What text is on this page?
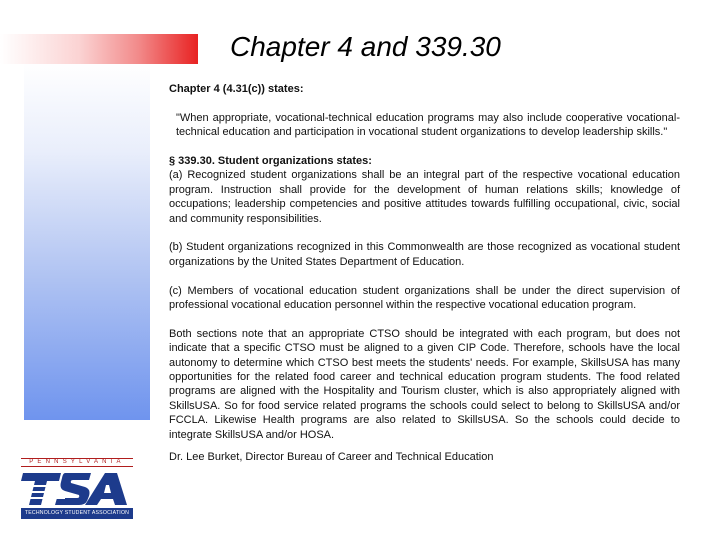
Chapter 4 and 339.30

Chapter 4 (4.31(c)) states:

"When appropriate, vocational-technical education programs may also include cooperative vocational-technical education and participation in vocational student organizations to develop leadership skills."

§ 339.30. Student organizations states:

(a) Recognized student organizations shall be an integral part of the respective vocational education program. Instruction shall provide for the development of human relations skills; knowledge of occupations; leadership competencies and positive attitudes towards fulfilling occupational, civic, social and community responsibilities.

(b) Student organizations recognized in this Commonwealth are those recognized as vocational student organizations by the United States Department of Education.

(c) Members of vocational education student organizations shall be under the direct supervision of professional vocational education personnel within the respective vocational education program.

Both sections note that an appropriate CTSO should be integrated with each program, but does not indicate that a specific CTSO must be aligned to a given CIP Code. Therefore, schools have the local autonomy to determine which CTSO best meets the students' needs. For example, SkillsUSA has many opportunities for the related food career and technical education program students. The food related programs are aligned with the Hospitality and Tourism cluster, which is also appropriately aligned with SkillsUSA. So for food service related programs the schools could select to belong to SkillsUSA and/or FCCLA. Likewise Health programs are also related to SkillsUSA. So the schools could decide to integrate SkillsUSA and/or HOSA.

Dr. Lee Burket, Director Bureau of Career and Technical Education

PENNSYLVANIA
TECHNOLOGY STUDENT ASSOCIATION
